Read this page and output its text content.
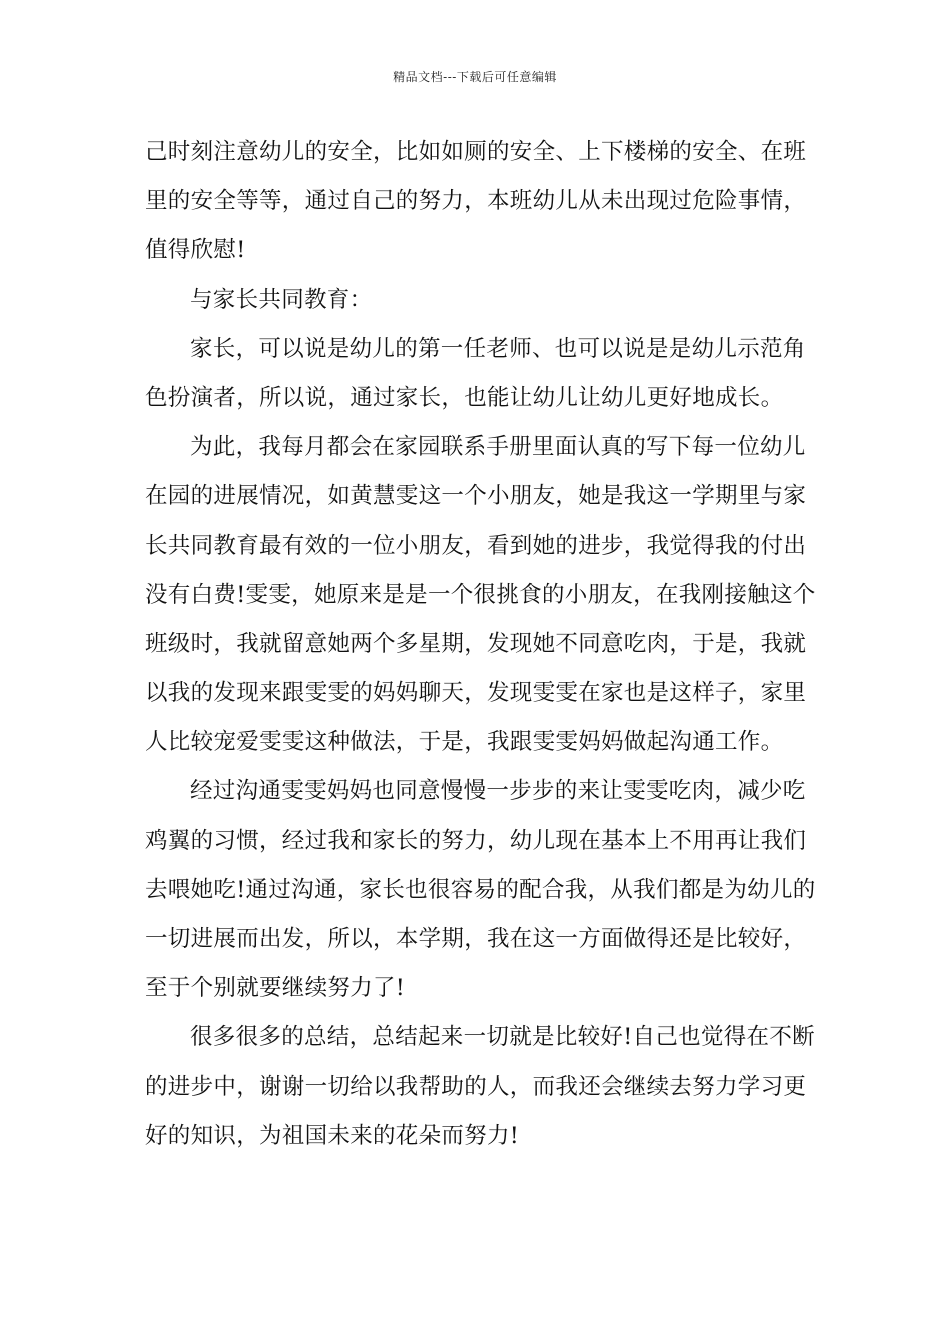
精品文档---下载后可任意编辑
己时刻注意幼儿的安全，比如如厕的安全、上下楼梯的安全、在班
里的安全等等，通过自己的努力，本班幼儿从未出现过危险事情，
值得欣慰!
与家长共同教育：
家长，可以说是幼儿的第一任老师、也可以说是是幼儿示范角
色扮演者，所以说，通过家长，也能让幼儿让幼儿更好地成长。
为此，我每月都会在家园联系手册里面认真的写下每一位幼儿
在园的进展情况，如黄慧雯这一个小朋友，她是我这一学期里与家
长共同教育最有效的一位小朋友，看到她的进步，我觉得我的付出
没有白费!雯雯，她原来是是一个很挑食的小朋友，在我刚接触这个
班级时，我就留意她两个多星期，发现她不同意吃肉，于是，我就
以我的发现来跟雯雯的妈妈聊天，发现雯雯在家也是这样子，家里
人比较宠爱雯雯这种做法，于是，我跟雯雯妈妈做起沟通工作。
经过沟通雯雯妈妈也同意慢慢一步步的来让雯雯吃肉，减少吃
鸡翼的习惯，经过我和家长的努力，幼儿现在基本上不用再让我们
去喂她吃!通过沟通，家长也很容易的配合我，从我们都是为幼儿的
一切进展而出发，所以，本学期，我在这一方面做得还是比较好，
至于个别就要继续努力了!
很多很多的总结，总结起来一切就是比较好!自己也觉得在不断
的进步中，谢谢一切给以我帮助的人，而我还会继续去努力学习更
好的知识，为祖国未来的花朵而努力!
